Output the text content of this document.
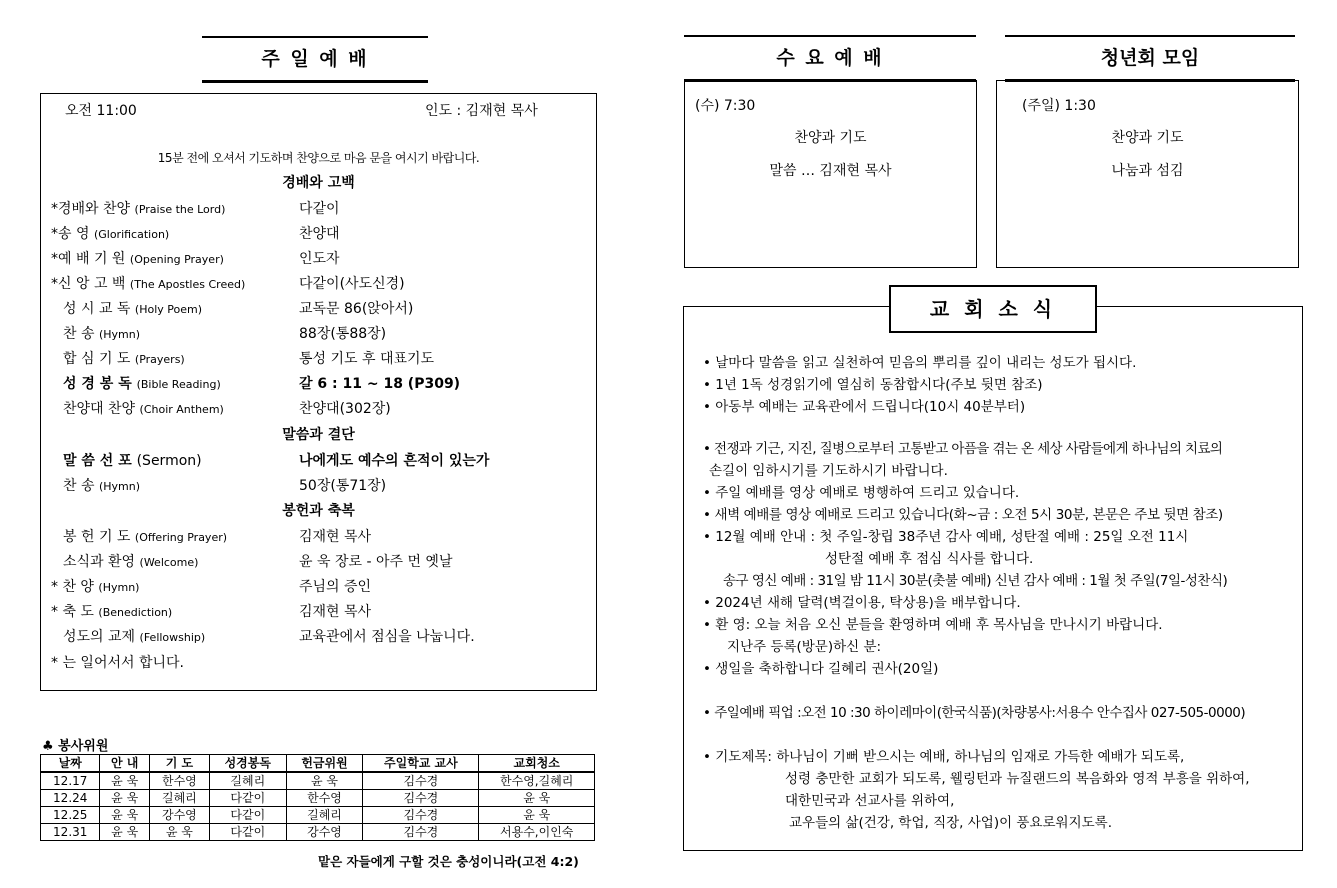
주 일 예 배
오전 11:00	인도 : 김재현 목사
15분 전에 오셔서 기도하며 찬양으로 마음 문을 여시기 바랍니다.
경배와 고백
*경배와 찬양 (Praise the Lord)	다같이
*송 영 (Glorification)	찬양대
*예 배 기 원 (Opening Prayer)	인도자
*신 앙 고 백 (The Apostles Creed)	다같이(사도신경)
성 시 교 독 (Holy Poem)	교독문 86(앉아서)
찬 송 (Hymn)	88장(통88장)
합 심 기 도 (Prayers)	통성 기도 후 대표기도
성 경 봉 독 (Bible Reading)	갈 6 : 11 ~ 18 (P309)
찬양대 찬양 (Choir Anthem)	찬양대(302장)
말씀과 결단
말 씀 선 포 (Sermon)	나에게도 예수의 흔적이 있는가
찬 송 (Hymn)	50장(통71장)
봉헌과 축복
봉 헌 기 도 (Offering Prayer)	김재현 목사
소식과 환영 (Welcome)	윤 욱 장로 - 아주 먼 옛날
* 찬 양 (Hymn)	주님의 증인
* 축 도 (Benediction)	김재현 목사
성도의 교제 (Fellowship)	교육관에서 점심을 나눕니다.
* 는 일어서서 합니다.
♣ 봉사위원
날짜	안 내	기 도	성경봉독	헌금위원	주일학교 교사	교회청소
12.17	윤 욱	한수영	길혜리	윤 욱	김수경	한수영,길혜리
12.24	윤 욱	길혜리	다같이	한수영	김수경	윤 욱
12.25	윤 욱	강수영	다같이	길혜리	김수경	윤 욱
12.31	윤 욱	윤 욱	다같이	강수영	김수경	서용수,이인숙
맡은 자들에게 구할 것은 충성이니라(고전 4:2)
수 요 예 배
(수) 7:30
찬양과 기도
말씀 … 김재현 목사
청년회 모임
(주일) 1:30
찬양과 기도
나눔과 섬김
교 회 소 식
• 날마다 말씀을 읽고 실천하여 믿음의 뿌리를 깊이 내리는 성도가 됩시다.
• 1년 1독 성경읽기에 열심히 동참합시다(주보 뒷면 참조)
• 아동부 예배는 교육관에서 드립니다(10시 40분부터)
• 전쟁과 기근, 지진, 질병으로부터 고통받고 아픔을 겪는 온 세상 사람들에게 하나님의 치료의
손길이 임하시기를 기도하시기 바랍니다.
• 주일 예배를 영상 예배로 병행하여 드리고 있습니다.
• 새벽 예배를 영상 예배로 드리고 있습니다(화~금 : 오전 5시 30분, 본문은 주보 뒷면 참조)
• 12월 예배 안내 : 첫 주일-창립 38주년 감사 예배, 성탄절 예배 : 25일 오전 11시
성탄절 예배 후 점심 식사를 합니다.
송구 영신 예배 : 31일 밤 11시 30분(촛불 예배) 신년 감사 예배 : 1월 첫 주일(7일-성찬식)
• 2024년 새해 달력(벽걸이용, 탁상용)을 배부합니다.
• 환 영: 오늘 처음 오신 분들을 환영하며 예배 후 목사님을 만나시기 바랍니다.
지난주 등록(방문)하신 분:
• 생일을 축하합니다 길혜리 권사(20일)
• 주일예배 픽업 :오전 10 :30 하이레마이(한국식품)(차량봉사:서용수 안수집사 027-505-0000)
• 기도제목: 하나님이 기뻐 받으시는 예배, 하나님의 임재로 가득한 예배가 되도록,
성령 충만한 교회가 되도록, 웰링턴과 뉴질랜드의 복음화와 영적 부흥을 위하여,
대한민국과 선교사를 위하여,
교우들의 삶(건강, 학업, 직장, 사업)이 풍요로워지도록.
